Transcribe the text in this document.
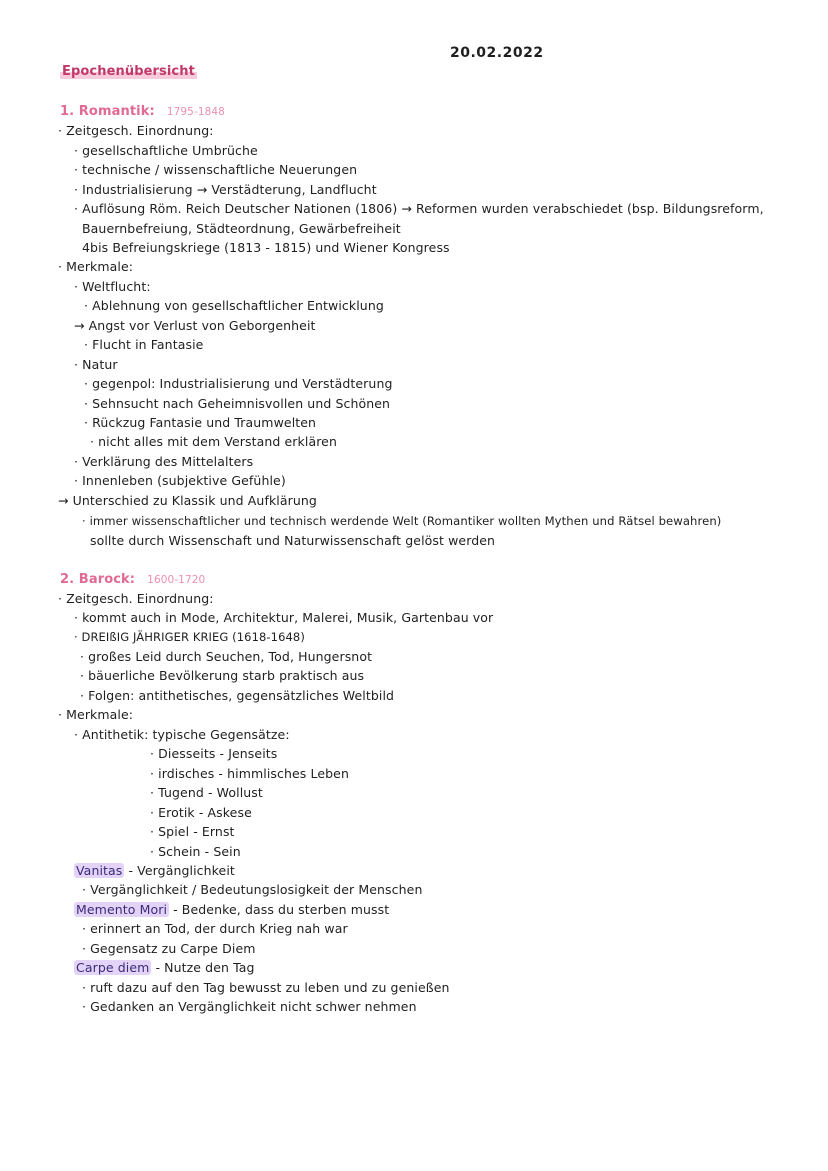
20.02.2022
Epochenübersicht
1. Romantik: 1795-1848
· Zeitgesch. Einordnung:
· gesellschaftliche Umbrüche
· technische / wissenschaftliche Neuerungen
· Industrialisierung → Verstädterung, Landflucht
· Auflösung Röm. Reich Deutscher Nationen (1806) → Reformen wurden verabschiedet (bsp. Bildungsreform,
Bauernbefreiung, Städteordnung, Gewärbefreiheit
4bis Befreiungskriege (1813 - 1815) und Wiener Kongress
· Merkmale:
· Weltflucht:
· Ablehnung von gesellschaftlicher Entwicklung
→ Angst vor Verlust von Geborgenheit
· Flucht in Fantasie
· Natur
· gegenpol: Industrialisierung und Verstädterung
· Sehnsucht nach Geheimnisvollen und Schönen
· Rückzug Fantasie und Traumwelten
· nicht alles mit dem Verstand erklären
· Verklärung des Mittelalters
· Innenleben (subjektive Gefühle)
→ Unterschied zu Klassik und Aufklärung
· immer wissenschaftlicher und technisch werdende Welt (Romantiker wollten Mythen und Rätsel bewahren)
sollte durch Wissenschaft und Naturwissenschaft gelöst werden
2. Barock: 1600-1720
· Zeitgesch. Einordnung:
· kommt auch in Mode, Architektur, Malerei, Musik, Gartenbau vor
· DREIßIG JÄHRIGER KRIEG (1618-1648)
· großes Leid durch Seuchen, Tod, Hungersnot
· bäuerliche Bevölkerung starb praktisch aus
· Folgen: antithetisches, gegensätzliches Weltbild
· Merkmale:
· Antithetik: typische Gegensätze:
· Diesseits - Jenseits
· irdisches - himmlisches Leben
· Tugend - Wollust
· Erotik - Askese
· Spiel - Ernst
· Schein - Sein
Vanitas - Vergänglichkeit
· Vergänglichkeit / Bedeutungslosigkeit der Menschen
Memento Mori - Bedenke, dass du sterben musst
· erinnert an Tod, der durch Krieg nah war
· Gegensatz zu Carpe Diem
Carpe diem - Nutze den Tag
· ruft dazu auf den Tag bewusst zu leben und zu genießen
· Gedanken an Vergänglichkeit nicht schwer nehmen
